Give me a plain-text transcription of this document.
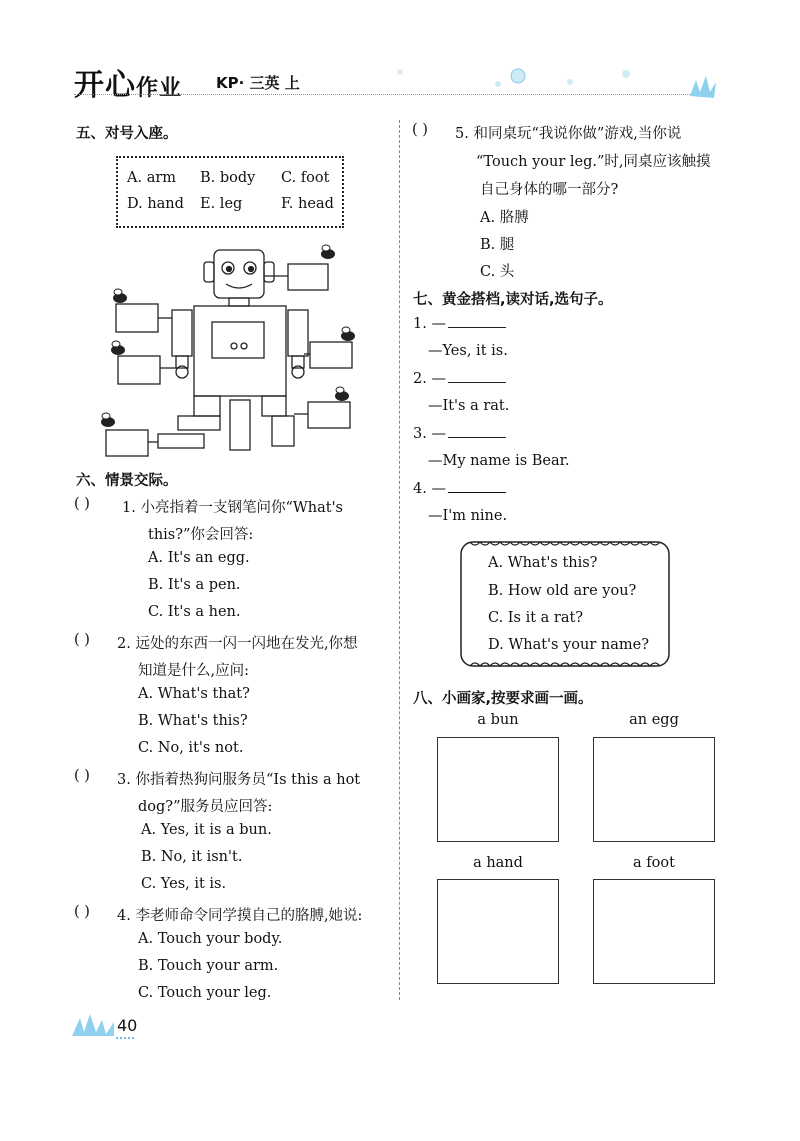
开心作业 KP· 三英 上
五、对号入座。
A. arm B. body C. foot
D. hand E. leg	F. head
六、情景交际。
( ) 1. 小亮指着一支钢笔问你“What's
this?”你会回答:
A. It's an egg.
B. It's a pen.
C. It's a hen.
( ) 2. 远处的东西一闪一闪地在发光,你想
知道是什么,应问:
A. What's that?
B. What's this?
C. No, it's not.
( ) 3. 你指着热狗问服务员“Is this a hot
dog?”服务员应回答:
A. Yes, it is a bun.
B. No, it isn't.
C. Yes, it is.
( ) 4. 李老师命令同学摸自己的胳膊,她说:
A. Touch your body.
B. Touch your arm.
C. Touch your leg.
( ) 5. 和同桌玩“我说你做”游戏,当你说
“Touch your leg.”时,同桌应该触摸
自己身体的哪一部分?
A. 胳膊
B. 腿
C. 头
七、黄金搭档,读对话,选句子。
1. —
—Yes, it is.
2. —
—It's a rat.
3. —
—My name is Bear.
4. —
—I'm nine.
A. What's this?
B. How old are you?
C. Is it a rat?
D. What's your name?
八、小画家,按要求画一画。
a bun	an egg
a hand	a foot
40
